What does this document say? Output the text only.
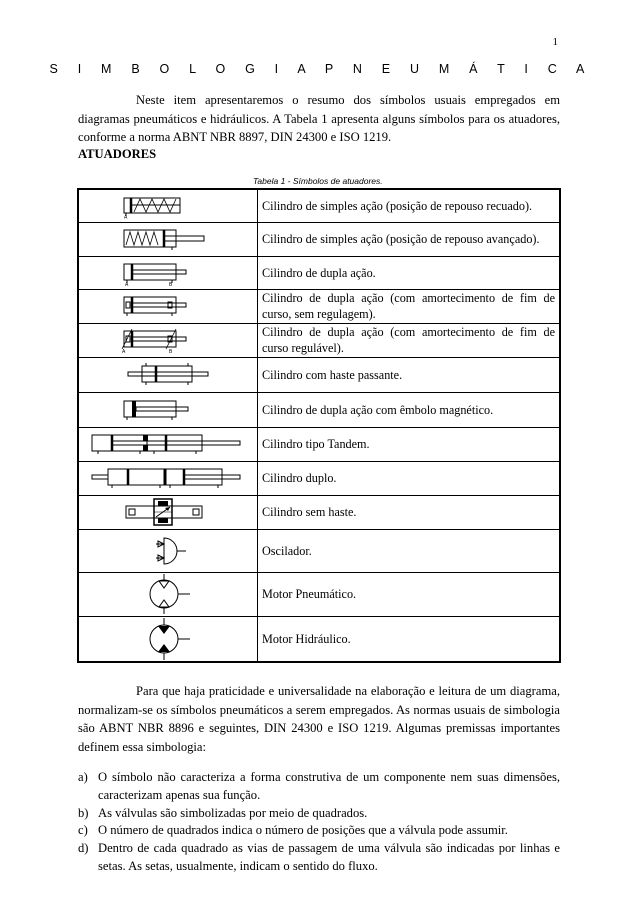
1
S I M B O L O G I A P N E U M Á T I C A

Neste item apresentaremos o resumo dos símbolos usuais empregados em diagramas pneumáticos e hidráulicos. A Tabela 1 apresenta alguns símbolos para os atuadores, conforme a norma ABNT NBR 8897, DIN 24300 e ISO 1219.

ATUADORES
Tabela 1 - Símbolos de atuadores.
A	Cilindro de simples ação (posição de repouso recuado).

	Cilindro de simples ação (posição de repouso avançado).

A B	Cilindro de dupla ação.

	Cilindro de dupla ação (com amortecimento de fim de curso, sem regulagem).

A B	Cilindro de dupla ação (com amortecimento de fim de curso regulável).

	Cilindro com haste passante.

	Cilindro de dupla ação com êmbolo magnético.

	Cilindro tipo Tandem.

	Cilindro duplo.

	Cilindro sem haste.

	Oscilador.

	Motor Pneumático.

	Motor Hidráulico.

Para que haja praticidade e universalidade na elaboração e leitura de um diagrama, normalizam-se os símbolos pneumáticos a serem empregados. As normas usuais de simbologia são ABNT NBR 8896 e seguintes, DIN 24300 e ISO 1219. Algumas premissas importantes definem essa simbologia:

a) O símbolo não caracteriza a forma construtiva de um componente nem suas dimensões, caracterizam apenas sua função.
b) As válvulas são simbolizadas por meio de quadrados.
c) O número de quadrados indica o número de posições que a válvula pode assumir.
d) Dentro de cada quadrado as vias de passagem de uma válvula são indicadas por linhas e setas. As setas, usualmente, indicam o sentido do fluxo.
